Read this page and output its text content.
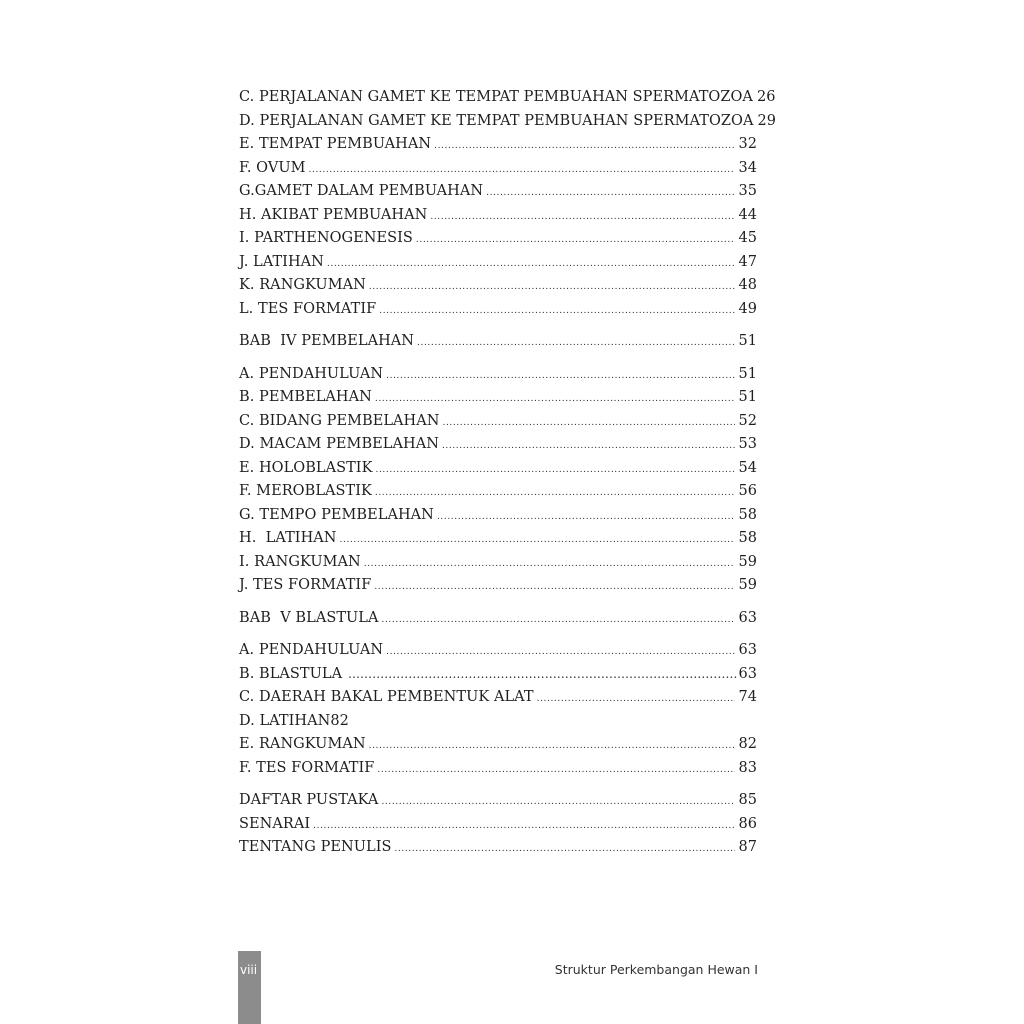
C. PERJALANAN GAMET KE TEMPAT PEMBUAHAN SPERMATOZOA 26
D. PERJALANAN GAMET KE TEMPAT PEMBUAHAN SPERMATOZOA 29
E. TEMPAT PEMBUAHAN .....	32
F. OVUM .....	34
G.GAMET DALAM PEMBUAHAN .....	35
H. AKIBAT PEMBUAHAN .....	44
I. PARTHENOGENESIS .....	45
J. LATIHAN .....	47
K. RANGKUMAN .....	48
L. TES FORMATIF .....	49
BAB  IV PEMBELAHAN .....	51
A. PENDAHULUAN .....	51
B. PEMBELAHAN .....	51
C. BIDANG PEMBELAHAN .....	52
D. MACAM PEMBELAHAN .....	53
E. HOLOBLASTIK .....	54
F. MEROBLASTIK .....	56
G. TEMPO PEMBELAHAN .....	58
H.  LATIHAN .....	58
I. RANGKUMAN .....	59
J. TES FORMATIF .....	59
BAB  V BLASTULA .....	63
A. PENDAHULUAN .....	63
B. BLASTULA .....	63
C. DAERAH BAKAL PEMBENTUK ALAT .....	74
D. LATIHAN82
E. RANGKUMAN .....	82
F. TES FORMATIF .....	83
DAFTAR PUSTAKA .....	85
SENARAI .....	86
TENTANG PENULIS .....	87
viii	Struktur Perkembangan Hewan I
